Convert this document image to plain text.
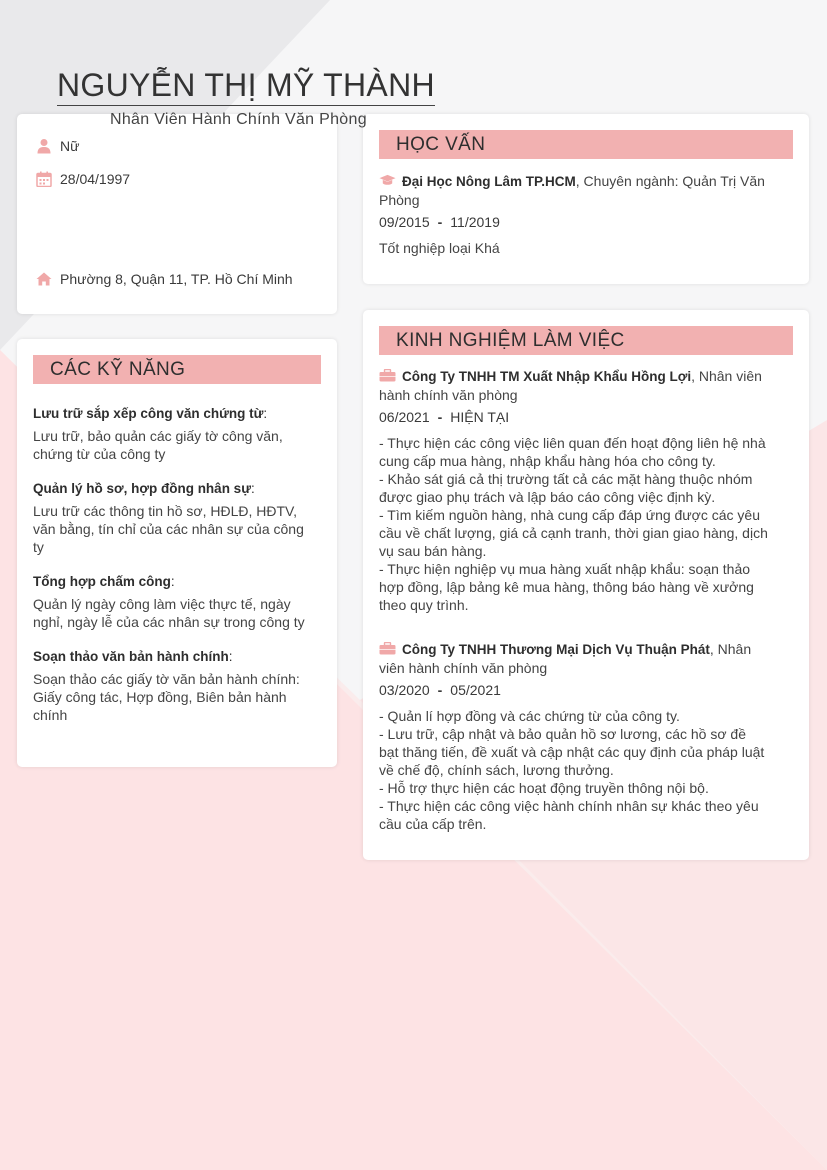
NGUYỄN THỊ MỸ THÀNH
Nhân Viên Hành Chính Văn Phòng
Nữ
28/04/1997
Phường 8, Quận 11, TP. Hồ Chí Minh
CÁC KỸ NĂNG
Lưu trữ sắp xếp công văn chứng từ:
Lưu trữ, bảo quản các giấy tờ công văn, chứng từ của công ty
Quản lý hồ sơ, hợp đồng nhân sự:
Lưu trữ các thông tin hồ sơ, HĐLĐ, HĐTV, văn bằng, tín chỉ của các nhân sự của công ty
Tổng hợp chấm công:
Quản lý ngày công làm việc thực tế, ngày nghỉ, ngày lễ của các nhân sự trong công ty
Soạn thảo văn bản hành chính:
Soạn thảo các giấy tờ văn bản hành chính: Giấy công tác, Hợp đồng, Biên bản hành chính
HỌC VẤN
Đại Học Nông Lâm TP.HCM, Chuyên ngành: Quản Trị Văn Phòng
09/2015 - 11/2019
Tốt nghiệp loại Khá
KINH NGHIỆM LÀM VIỆC
Công Ty TNHH TM Xuất Nhập Khẩu Hồng Lợi, Nhân viên hành chính văn phòng
06/2021 - HIỆN TẠI
- Thực hiện các công việc liên quan đến hoạt động liên hệ nhà cung cấp mua hàng, nhập khẩu hàng hóa cho công ty.
- Khảo sát giá cả thị trường tất cả các mặt hàng thuộc nhóm được giao phụ trách và lập báo cáo công việc định kỳ.
- Tìm kiếm nguồn hàng, nhà cung cấp đáp ứng được các yêu cầu về chất lượng, giá cả cạnh tranh, thời gian giao hàng, dịch vụ sau bán hàng.
- Thực hiện nghiệp vụ mua hàng xuất nhập khẩu: soạn thảo hợp đồng, lập bảng kê mua hàng, thông báo hàng về xưởng theo quy trình.
Công Ty TNHH Thương Mại Dịch Vụ Thuận Phát, Nhân viên hành chính văn phòng
03/2020 - 05/2021
- Quản lí hợp đồng và các chứng từ của công ty.
- Lưu trữ, cập nhật và bảo quản hồ sơ lương, các hồ sơ đề bạt thăng tiến, đề xuất và cập nhật các quy định của pháp luật về chế độ, chính sách, lương thưởng.
- Hỗ trợ thực hiện các hoạt động truyền thông nội bộ.
- Thực hiện các công việc hành chính nhân sự khác theo yêu cầu của cấp trên.
